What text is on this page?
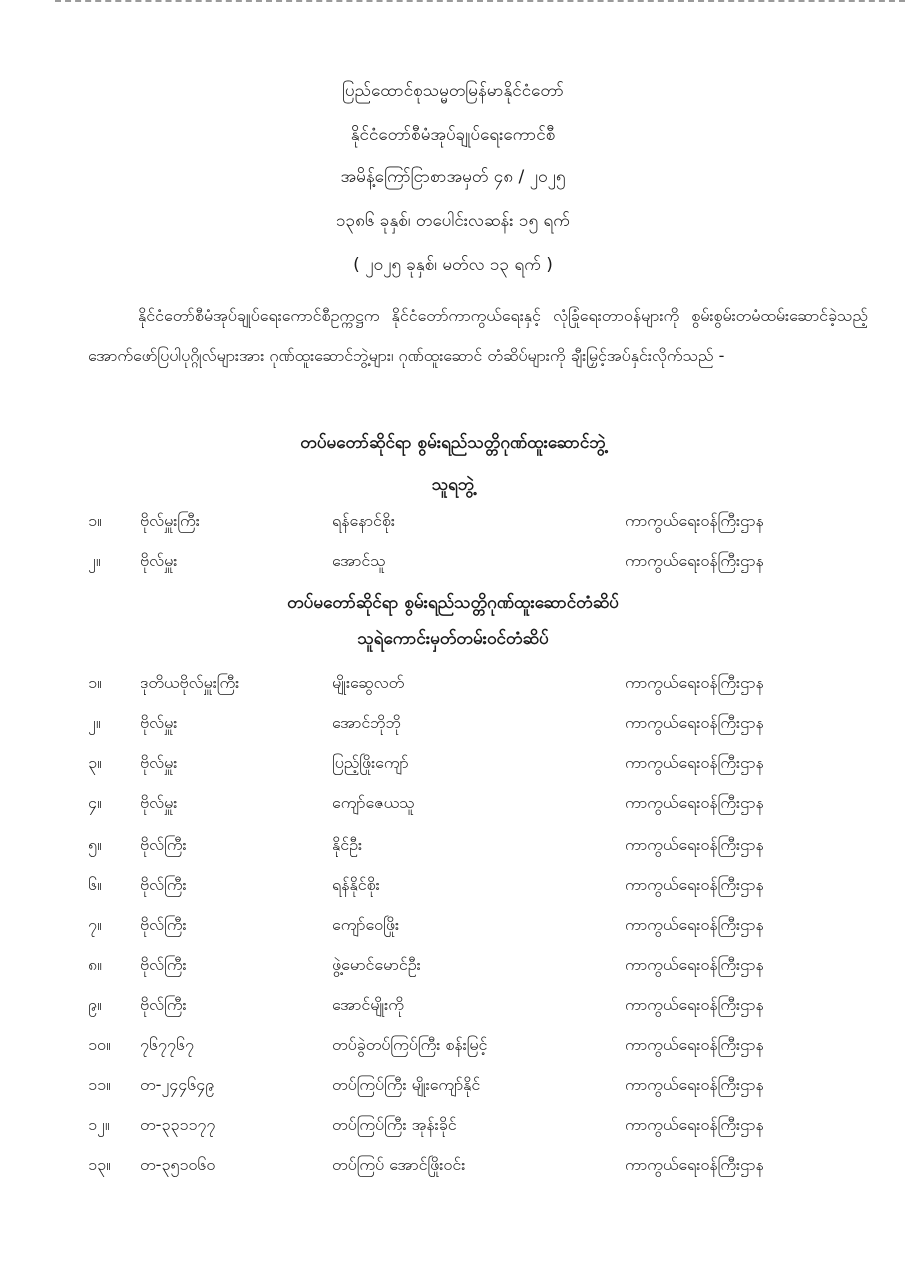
ပြည်ထောင်စုသမ္မတမြန်မာနိုင်ငံတော်
နိုင်ငံတော်စီမံအုပ်ချုပ်ရေးကောင်စီ
အမိန့်ကြော်ငြာစာအမှတ် ၄၈ / ၂၀၂၅
၁၃၈၆ ခုနှစ်၊ တပေါင်းလဆန်း ၁၅ ရက်
( ၂၀၂၅ ခုနှစ်၊ မတ်လ ၁၃ ရက် )
နိုင်ငံတော်စီမံအုပ်ချုပ်ရေးကောင်စီဥက္ကဋ္ဌက နိုင်ငံတော်ကာကွယ်ရေးနှင့် လုံခြုံရေးတာဝန်များကို စွမ်းစွမ်းတမံထမ်းဆောင်ခဲ့သည့် အောက်ဖော်ပြပါပုဂ္ဂိုလ်များအား ဂုဏ်ထူးဆောင်ဘွဲ့များ၊ ဂုဏ်ထူးဆောင် တံဆိပ်များကို ချီးမြှင့်အပ်နှင်းလိုက်သည် -
တပ်မတော်ဆိုင်ရာ စွမ်းရည်သတ္တိဂုဏ်ထူးဆောင်ဘွဲ့
သူရဘွဲ့
၁။ ဗိုလ်မှူးကြီး	ရန်နောင်စိုး	ကာကွယ်ရေးဝန်ကြီးဌာန
၂။ ဗိုလ်မှူး	အောင်သူ	ကာကွယ်ရေးဝန်ကြီးဌာန
တပ်မတော်ဆိုင်ရာ စွမ်းရည်သတ္တိဂုဏ်ထူးဆောင်တံဆိပ်
သူရဲကောင်းမှတ်တမ်းဝင်တံဆိပ်
၁။ ဒုတိယဗိုလ်မှူးကြီး	မျိုးဆွေလတ်	ကာကွယ်ရေးဝန်ကြီးဌာန
၂။ ဗိုလ်မှူး	အောင်ဘိုဘို	ကာကွယ်ရေးဝန်ကြီးဌာန
၃။ ဗိုလ်မှူး	ပြည့်ဖြိုးကျော်	ကာကွယ်ရေးဝန်ကြီးဌာန
၄။ ဗိုလ်မှူး	ကျော်ဇေယသူ	ကာကွယ်ရေးဝန်ကြီးဌာန
၅။ ဗိုလ်ကြီး	နိုင်ဦး	ကာကွယ်ရေးဝန်ကြီးဌာန
၆။ ဗိုလ်ကြီး	ရန်နိုင်စိုး	ကာကွယ်ရေးဝန်ကြီးဌာန
၇။ ဗိုလ်ကြီး	ကျော်ဝေဖြိုး	ကာကွယ်ရေးဝန်ကြီးဌာန
၈။ ဗိုလ်ကြီး	ဖွဲ့မောင်မောင်ဦး	ကာကွယ်ရေးဝန်ကြီးဌာန
၉။ ဗိုလ်ကြီး	အောင်မျိုးကို	ကာကွယ်ရေးဝန်ကြီးဌာန
၁၀။ ၇၆၇၇၆၇	တပ်ခွဲတပ်ကြပ်ကြီး စန်းမြင့်	ကာကွယ်ရေးဝန်ကြီးဌာန
၁၁။ တ-၂၄၄၆၄၉	တပ်ကြပ်ကြီး မျိုးကျော်နိုင်	ကာကွယ်ရေးဝန်ကြီးဌာန
၁၂။ တ-၃၃၁၁၇၇	တပ်ကြပ်ကြီး အုန်းခိုင်	ကာကွယ်ရေးဝန်ကြီးဌာန
၁၃။ တ-၃၅၁၀၆၀	တပ်ကြပ် အောင်ဖြိုးဝင်း	ကာကွယ်ရေးဝန်ကြီးဌာန
